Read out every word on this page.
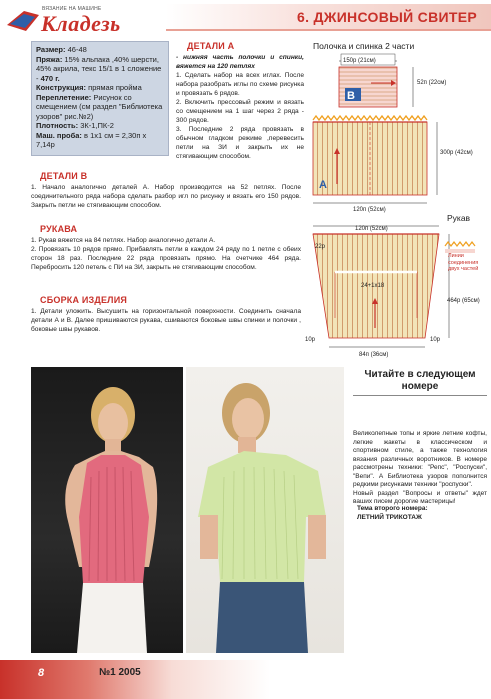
ВЯЗАНИЕ НА МАШИНЕ
Кладезь	6. ДЖИНСОВЫЙ СВИТЕР
Размер: 46-48
Пряжа: 15% альпака ,40% шерсти, 45% акрила, текс 15/1 в 1 сложение - 470 г.
Конструкция: прямая пройма
Переплетение: Рисунок со смещением (см раздел "Библиотека узоров" рис.№2)
Плотность: 3К-1,ПК-2
Маш. проба: в 1х1 см = 2,30п х 7,14р
ДЕТАЛИ А

- нижняя часть полочки и спинки, вяжется на 120 петлях

1. Сделать набор на всех иглах. После набора разобрать иглы по схеме рисунка и провязать 6 рядов.

2. Включить прессовый режим и вязать со смещением на 1 шаг через 2 ряда - 300 рядов.

3. Последние 2 ряда провязать в обычном гладком режиме ,перевесить петли на ЗИ и закрыть их не стягивающим способом.

Полочка и спинка 2 части
150р (21см)
В
52п (22см)
А
300р (42см)
120п (52см)
ДЕТАЛИ В

1. Начало аналогично деталей А. Набор производится на 52 петлях. После соединительного ряда набора сделать разбор игл по рисунку и вязать его 150 рядов. Закрыть петли не стягивающим способом.

РУКАВА

1. Рукав вяжется на 84 петлях. Набор аналогично детали А.

2. Провязать 10 рядов прямо. Прибавлять петли в каждом 24 ряду по 1 петле с обеих сторон 18 раз. Последние 22 ряда провязать прямо. На счетчике 464 ряда. Перебросить 120 петель с ПИ на ЗИ, закрыть не стягивающим способом.

СБОРКА ИЗДЕЛИЯ

1. Детали уложить. Высушить на горизонтальной поверхности. Соединить сначала детали А и В. Далее пришиваются рукава, сшиваются боковые швы спинки и полочки , боковые швы рукавов.

Рукав
120п (52см)
24+1х18
22р
10р	10р
84п (36см)
464р (65см)
Линии соединения двух частей
Читайте в следующем номере

Великолепные топы и яркие летние кофты, легкие жакеты в классическом и спортивном стиле, а также технология вязания различных воротников. В номере рассмотрены техники: "Репс", "Роспуски", "Вепи". А Библиотека узоров пополнится редкими рисунками техники "роспуски".

Новый раздел "Вопросы и ответы" ждет ваших писем дорогие мастерицы!

Тема второго номера:

ЛЕТНИЙ ТРИКОТАЖ

8	№1 2005
